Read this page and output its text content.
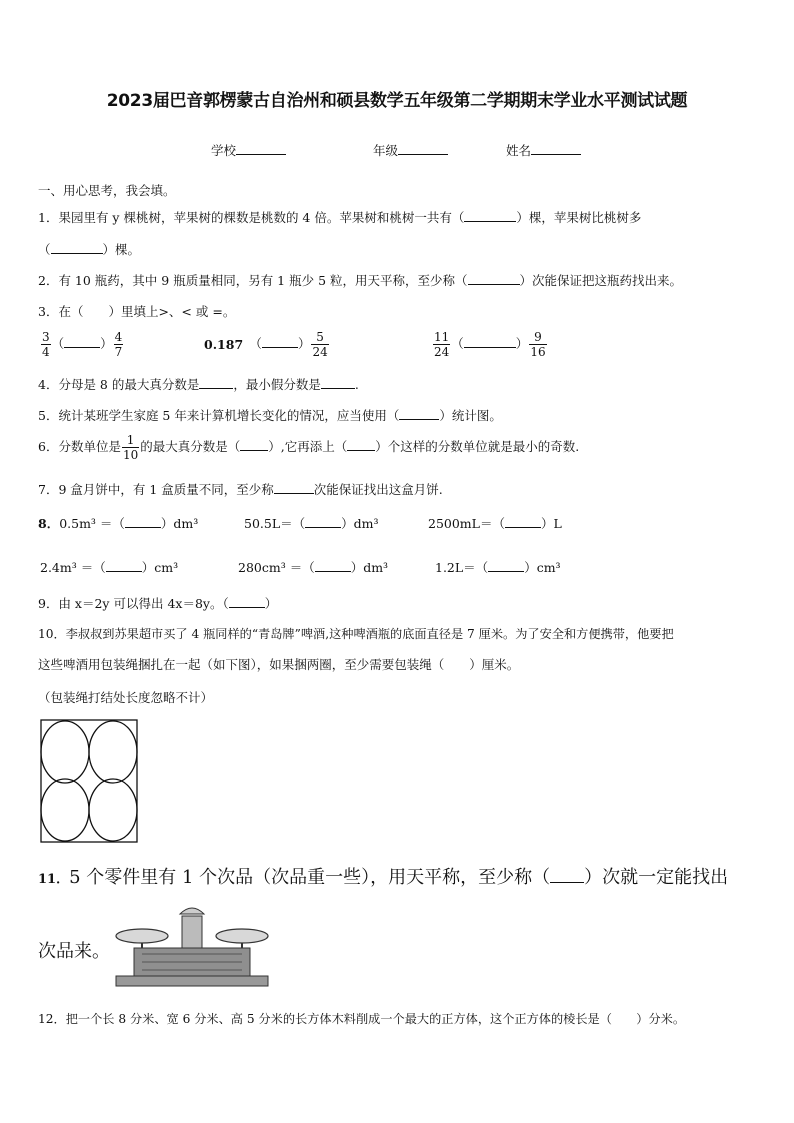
2023届巴音郭楞蒙古自治州和硕县数学五年级第二学期期末学业水平测试试题
学校	年级	姓名
一、用心思考，我会填。
1．果园里有 y 棵桃树，苹果树的棵数是桃数的 4 倍。苹果树和桃树一共有（	）棵，苹果树比桃树多
（	）棵。
2．有 10 瓶药，其中 9 瓶质量相同，另有 1 瓶少 5 粒，用天平称，至少称（	）次能保证把这瓶药找出来。
3．在（　　）里填上>、< 或 =。
$\frac{3}{4}$ （	） $\frac{4}{7}$	0.187　 （	） $\frac{5}{24}$	$\frac{11}{24}$ （	） $\frac{9}{16}$
4．分母是 8 的最大真分数是	，最小假分数是	.
5．统计某班学生家庭 5 年来计算机增长变化的情况，应当使用（	）统计图。
6．分数单位是 $\frac{1}{10}$ 的最大真分数是（ ）,它再添上（ ）个这样的分数单位就是最小的奇数.
7．9 盒月饼中，有 1 盒质量不同，至少称	次能保证找出这盒月饼.
8．0.5m³ ＝（	）dm³	50.5L＝（	）dm³	2500mL＝（	）L
2.4m³ ＝（	）cm³	280cm³ ＝（	）dm³	1.2L＝（	）cm³
9．由 x＝2y 可以得出 4x＝8y。（	）
10．李叔叔到苏果超市买了 4 瓶同样的“青岛牌”啤酒,这种啤酒瓶的底面直径是 7 厘米。为了安全和方便携带，他要把
这些啤酒用包装绳捆扎在一起（如下图），如果捆两圈，至少需要包装绳（　　）厘米。
（包装绳打结处长度忽略不计）
11．5 个零件里有 1 个次品（次品重一些），用天平称，至少称（ ）次就一定能找出
次品来。
12．把一个长 8 分米、宽 6 分米、高 5 分米的长方体木料削成一个最大的正方体，这个正方体的棱长是（　　）分米。
